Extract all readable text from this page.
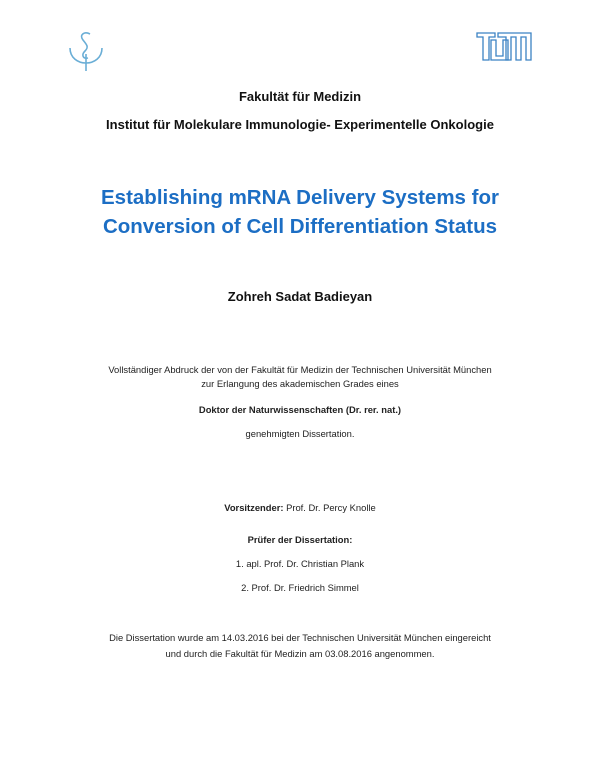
Fakultät für Medizin
Institut für Molekulare Immunologie- Experimentelle Onkologie
Establishing mRNA Delivery Systems for
Conversion of Cell Differentiation Status
Zohreh Sadat Badieyan
Vollständiger Abdruck der von der Fakultät für Medizin der Technischen Universität München
zur Erlangung des akademischen Grades eines
Doktor der Naturwissenschaften (Dr. rer. nat.)
genehmigten Dissertation.
Vorsitzender: Prof. Dr. Percy Knolle
Prüfer der Dissertation:
1. apl. Prof. Dr. Christian Plank
2. Prof. Dr. Friedrich Simmel
Die Dissertation wurde am 14.03.2016 bei der Technischen Universität München eingereicht
und durch die Fakultät für Medizin am 03.08.2016 angenommen.
